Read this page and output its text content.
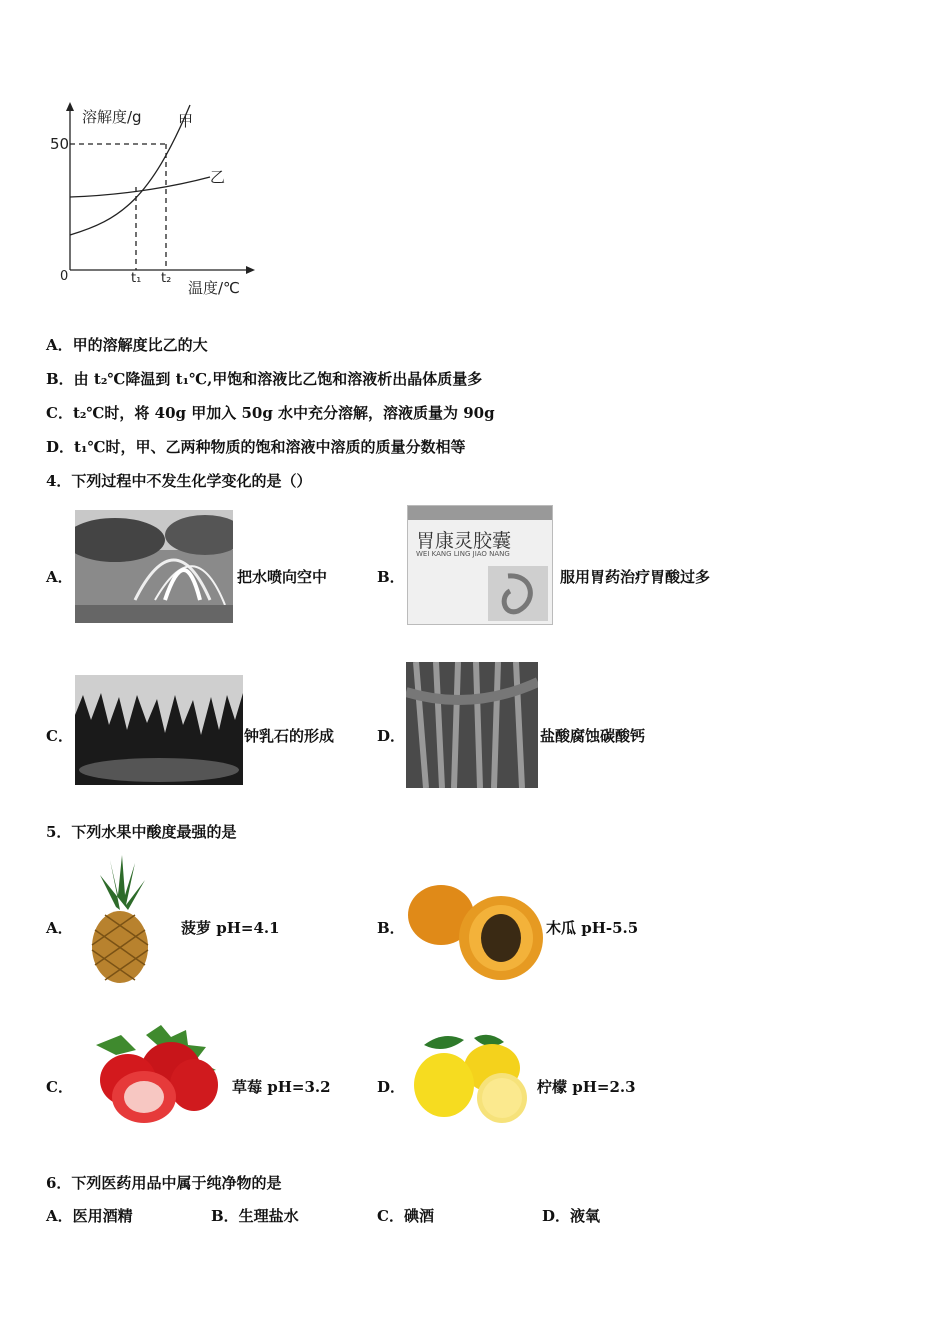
溶解度/g 甲
乙
50
0	t₁ t₂
温度/℃
A．甲的溶解度比乙的大
B．由 t₂℃降温到 t₁℃,甲饱和溶液比乙饱和溶液析出晶体质量多
C．t₂℃时，将 40g 甲加入 50g 水中充分溶解，溶液质量为 90g
D．t₁℃时，甲、乙两种物质的饱和溶液中溶质的质量分数相等
4．下列过程中不发生化学变化的是（）
A．	把水喷向空中	B．
胃康灵胶囊
WEI KANG LING JIAO NANG
服用胃药治疗胃酸过多
C．	钟乳石的形成	D．	盐酸腐蚀碳酸钙
5．下列水果中酸度最强的是
A．	菠萝 pH=4.1	B．	木瓜 pH-5.5
C．	草莓 pH=3.2	D．	柠檬 pH=2.3
6．下列医药用品中属于纯净物的是
A．医用酒精	B．生理盐水	C．碘酒	D．液氧
